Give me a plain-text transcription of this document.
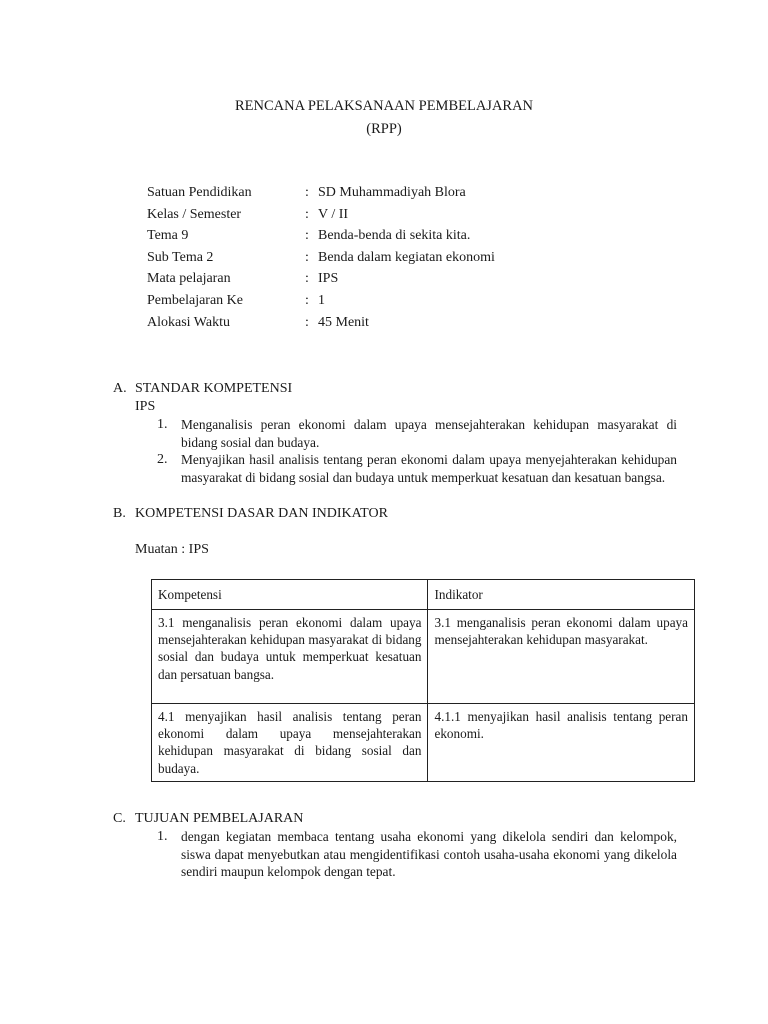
RENCANA PELAKSANAAN PEMBELAJARAN
(RPP)
Satuan Pendidikan	: SD Muhammadiyah Blora
Kelas / Semester	: V / II
Tema 9	: Benda-benda di sekita kita.
Sub Tema 2	: Benda dalam kegiatan ekonomi
Mata pelajaran	: IPS
Pembelajaran Ke	: 1
Alokasi Waktu	: 45 Menit
A. STANDAR KOMPETENSI
IPS
1. Menganalisis peran ekonomi dalam upaya mensejahterakan kehidupan masyarakat di bidang sosial dan budaya.
2. Menyajikan hasil analisis tentang peran ekonomi dalam upaya menyejahterakan kehidupan masyarakat di bidang sosial dan budaya untuk memperkuat kesatuan dan kesatuan bangsa.
B. KOMPETENSI DASAR DAN INDIKATOR
Muatan : IPS
Kompetensi	Indikator
3.1 menganalisis peran ekonomi dalam upaya mensejahterakan kehidupan masyarakat di bidang sosial dan budaya untuk memperkuat kesatuan dan persatuan bangsa.	3.1 menganalisis peran ekonomi dalam upaya mensejahterakan kehidupan masyarakat.
4.1 menyajikan hasil analisis tentang peran ekonomi dalam upaya mensejahterakan kehidupan masyarakat di bidang sosial dan budaya.	4.1.1 menyajikan hasil analisis tentang peran ekonomi.
C. TUJUAN PEMBELAJARAN
1. dengan kegiatan membaca tentang usaha ekonomi yang dikelola sendiri dan kelompok, siswa dapat menyebutkan atau mengidentifikasi contoh usaha-usaha ekonomi yang dikelola sendiri maupun kelompok dengan tepat.
